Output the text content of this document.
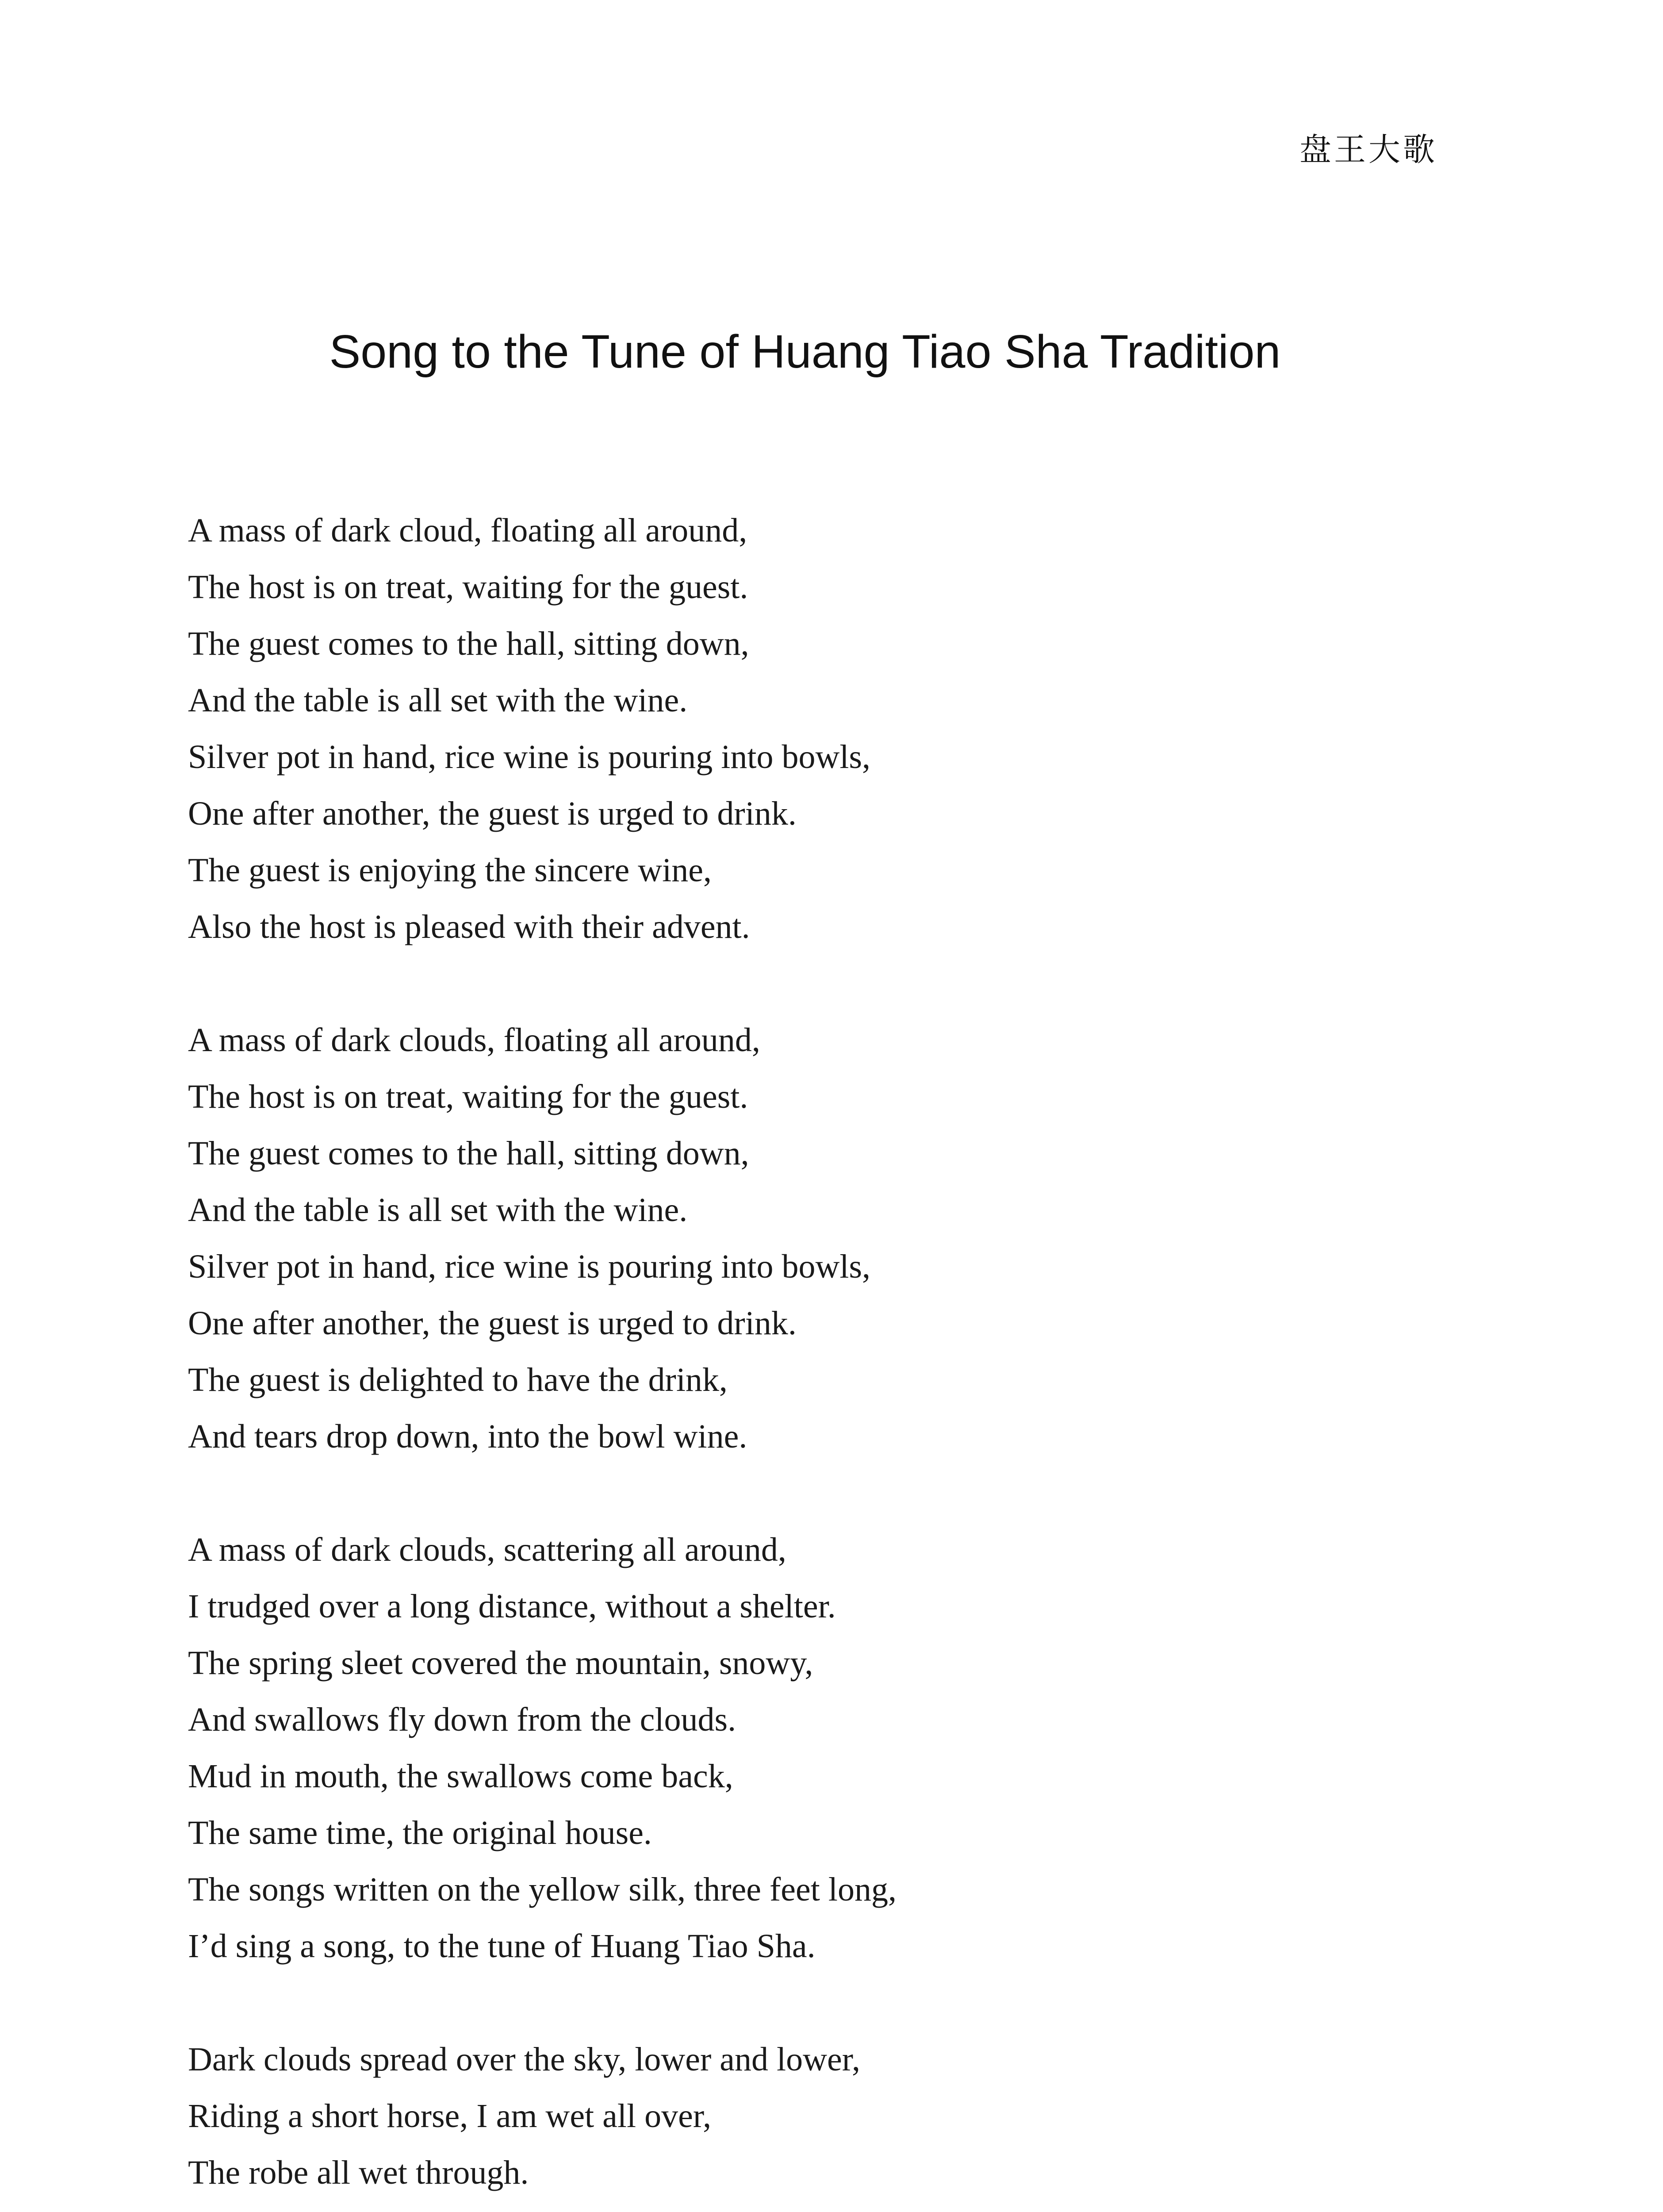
盘王大歌
Song to the Tune of Huang Tiao Sha Tradition
A mass of dark cloud, floating all around,
The host is on treat, waiting for the guest.
The guest comes to the hall, sitting down,
And the table is all set with the wine.
Silver pot in hand, rice wine is pouring into bowls,
One after another, the guest is urged to drink.
The guest is enjoying the sincere wine,
Also the host is pleased with their advent.
A mass of dark clouds, floating all around,
The host is on treat, waiting for the guest.
The guest comes to the hall, sitting down,
And the table is all set with the wine.
Silver pot in hand, rice wine is pouring into bowls,
One after another, the guest is urged to drink.
The guest is delighted to have the drink,
And tears drop down, into the bowl wine.
A mass of dark clouds, scattering all around,
I trudged over a long distance, without a shelter.
The spring sleet covered the mountain, snowy,
And swallows fly down from the clouds.
Mud in mouth, the swallows come back,
The same time, the original house.
The songs written on the yellow silk, three feet long,
I’d sing a song, to the tune of Huang Tiao Sha.
Dark clouds spread over the sky, lower and lower,
Riding a short horse, I am wet all over,
The robe all wet through.
